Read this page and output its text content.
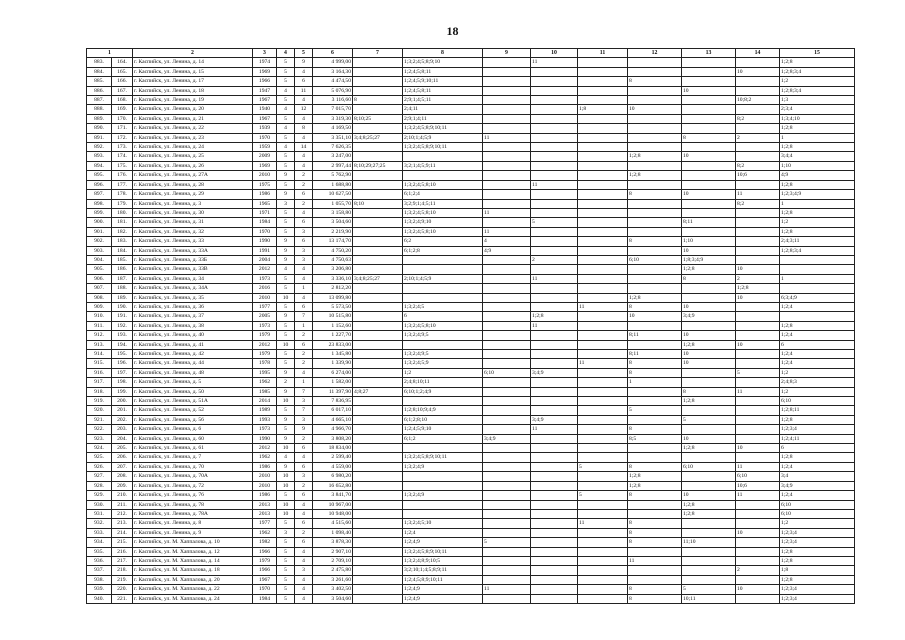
18
1		2	3	4	5	6	7	8	9	10	11	12	13	14	15
883.	164.	г. Каспийск, ул. Ленина, д. 14	1974	5	9	4 999,00		1;3;2;4;5;8;9;10		11					1;2;8
884.	165.	г. Каспийск, ул. Ленина, д. 15	1969	5	4	3 164,30		1;2;4;5;8;11						10	1;2;8;3;4
885.	166.	г. Каспийск, ул. Ленина, д. 17	1966	5	6	4 474,50		1;2;4;5;9;10;11				8			1;2
886.	167.	г. Каспийск, ул. Ленина, д. 18	1947	4	11	5 076,90		1;2;4;5;8;11					10		1;2;8;3;4
887.	168.	г. Каспийск, ул. Ленина, д. 19	1967	5	4	3 116,60	8	2;9;1;4;5;11						10;8;2	1;3
888.	169.	г. Каспийск, ул. Ленина, д. 20	1940	4	12	7 015,70		2;4;11			1;8	10			2;3;4
889.	170.	г. Каспийск, ул. Ленина, д. 21	1967	5	4	3 319,30	8;10;25	2;9;1;4;11						8;2	1;3;4;10
890.	171.	г. Каспийск, ул. Ленина, д. 22	1939	4	8	4 169,50		1;3;2;4;5;8;9;10;11							1;2;8
891.	172.	г. Каспийск, ул. Ленина, д. 23	1970	5	4	3 351,10	3;4;8;25;27	2;10;1;4;5;9	11				8	2	1
892.	173.	г. Каспийск, ул. Ленина, д. 24	1959	4	14	7 626,35		1;3;2;4;5;8;9;10;11							1;2;8
893.	174.	г. Каспийск, ул. Ленина, д. 25	2009	5	4	3 247,00						1;2;8	10		3;4;4
894.	175.	г. Каспийск, ул. Ленина, д. 26	1969	5	4	2 997,44	8;10;29;27;25	3;2;1;4;5;9;11						8;2	1;10
895.	176.	г. Каспийск, ул. Ленина, д. 27А	2010	9	2	5 762,90						1;2;8		10;6	4;9
896.	177.	г. Каспийск, ул. Ленина, д. 28	1975	5	2	1 688,80		1;3;2;4;5;8;10		11					1;2;8
897.	178.	г. Каспийск, ул. Ленина, д. 29	1986	9	6	10 627,50		6;1;2;4				8	10	11	1;2;3;4;9
898.	179.	г. Каспийск, ул. Ленина, д. 3	1965	3	2	1 055,70	8;10	3;2;9;1;4;5;11						8;2	1
899.	180.	г. Каспийск, ул. Ленина, д. 30	1971	5	4	3 158,80		1;3;2;4;5;8;10	11						1;2;8
900.	181.	г. Каспийск, ул. Ленина, д. 31	1984	5	6	3 504,60		1;3;2;4;9;10		5			8;11		1;2
901.	182.	г. Каспийск, ул. Ленина, д. 32	1970	5	3	2 219,90		1;3;2;4;5;8;10	11						1;2;8
902.	183.	г. Каспийск, ул. Ленина, д. 33	1990	9	6	13 174,70		6;2	4			8	1;10		2;4;3;11
903.	184.	г. Каспийск, ул. Ленина, д. 33А	1991	9	3	4 750,20		6;1;2;8	4;9				10		1;2;8;3;4
904.	185.	г. Каспийск, ул. Ленина, д. 33Б	2004	9	3	4 750,63				2		6;10	1;8;3;4;9		
905.	186.	г. Каспийск, ул. Ленина, д. 33В	2012	4	4	3 206,80							1;2;8	10	
906.	187.	г. Каспийск, ул. Ленина, д. 34	1973	5	4	3 336,10	3;4;8;25;27	2;10;1;4;5;9		11			8	2	1
907.	188.	г. Каспийск, ул. Ленина, д. 34А	2016	5	1	2 812,20								1;2;8	
908.	189.	г. Каспийск, ул. Ленина, д. 35	2010	10	4	13 099,80						1;2;8		10	6;3;4;9
909.	190.	г. Каспийск, ул. Ленина, д. 36	1977	5	6	5 573,50		1;3;2;4;5			11	8	10		1;2;4
910.	191.	г. Каспийск, ул. Ленина, д. 37	2005	9	7	10 515,80		6		1;2;8		10	3;4;9		
911.	192.	г. Каспийск, ул. Ленина, д. 38	1973	5	1	1 152,60		1;3;2;4;5;8;10		11					1;2;8
912.	193.	г. Каспийск, ул. Ленина, д. 40	1979	5	2	1 227,70		1;3;2;4;9;5				8;11	10		1;2;4
913.	194.	г. Каспийск, ул. Ленина, д. 41	2012	10	6	23 833,00							1;2;8	10	6
914.	195.	г. Каспийск, ул. Ленина, д. 42	1979	5	2	1 345,80		1;3;2;4;9;5				8;11	10		1;2;4
915.	196.	г. Каспийск, ул. Ленина, д. 44	1978	5	2	1 339,90		1;3;2;4;5;9			11	8	10		1;2;4
916.	197.	г. Каспийск, ул. Ленина, д. 48	1995	9	4	6 274,00		1;2	6;10	3;4;9		8		5	1;2
917.	198.	г. Каспийск, ул. Ленина, д. 5	1962	2	1	1 582,00		2;4;8;10;11				1			2;4;8;3
918.	199.	г. Каспийск, ул. Ленина, д. 50	1985	9	7	11 397,90	4;8;27	6;10;1;2;4;9					8	11	1;2
919.	200.	г. Каспийск, ул. Ленина, д. 51А	2014	10	3	7 836,95							1;2;8		6;10
920.	201.	г. Каспийск, ул. Ленина, д. 52	1989	5	7	6 017,10		1;2;8;10;9;4;9				5			1;2;8;11
921.	202.	г. Каспийск, ул. Ленина, д. 56	1993	9	3	4 665,10		6;1;2;8;10		3;4;9			5		1;2;8
922.	203.	г. Каспийск, ул. Ленина, д. 6	1973	5	9	4 966,70		1;2;4;5;9;10		11		8			1;2;3;4
923.	204.	г. Каспийск, ул. Ленина, д. 60	1990	9	2	3 808,20		6;1;2	3;4;9			8;5	10		1;2;4;11
924.	205.	г. Каспийск, ул. Ленина, д. 61	2012	10	6	18 834,00							1;2;8	10	6
925.	206.	г. Каспийск, ул. Ленина, д. 7	1962	4	4	2 599,40		1;3;2;4;5;8;9;10;11							1;2;8
926.	207.	г. Каспийск, ул. Ленина, д. 70	1986	9	6	4 559,00		1;3;2;4;9			5	8	6;10	11	1;2;4
927.	208.	г. Каспийск, ул. Ленина, д. 70А	2010	10	3	6 980,20						1;2;8		6;10	3;4
928.	209.	г. Каспийск, ул. Ленина, д. 72	2010	10	2	16 652,80						1;2;8		10;6	3;4;9
929.	210.	г. Каспийск, ул. Ленина, д. 76	1986	5	6	3 841,70		1;3;2;4;9			5	8	10	11	1;2;4
930.	211.	г. Каспийск, ул. Ленина, д. 78	2013	10	4	10 967,00							1;2;8		6;10
931.	212.	г. Каспийск, ул. Ленина, д. 78А	2013	10	4	10 948,00							1;2;8		6;10
932.	213.	г. Каспийск, ул. Ленина, д. 8	1977	5	6	4 515,60		1;3;2;4;5;10			11	8			1;2
933.	214.	г. Каспийск, ул. Ленина, д. 9	1962	3	2	1 098,40		1;2;4				8		10	1;2;3;4
934.	215.	г. Каспийск, ул. М. Хаппалова, д. 10	1982	5	6	3 878,30		1;2;4;9	5			8	11;10		1;2;3;4
935.	216.	г. Каспийск, ул. М. Хаппалова, д. 12	1966	5	4	2 907,10		1;3;2;4;5;8;9;10;11							1;2;8
936.	217.	г. Каспийск, ул. М. Хаппалова, д. 14	1979	5	4	2 709,10		1;3;2;4;8;9;10;5				11			1;2;8
937.	218.	г. Каспийск, ул. М. Хаппалова, д. 18	1966	5	3	2 475,80		3;2;10;1;4;5;8;9;11						2	1;8
938.	219.	г. Каспийск, ул. М. Хаппалова, д. 20	1967	5	4	3 261,60		1;2;4;5;8;9;10;11							1;2;8
939.	220.	г. Каспийск, ул. М. Хаппалова, д. 22	1970	5	4	3 402,50		1;2;4;9	11			8	5	10	1;2;3;4
940.	221.	г. Каспийск, ул. М. Хаппалова, д. 24	1984	5	4	3 504,60		1;2;4;9				8	10;11		1;2;3;4
